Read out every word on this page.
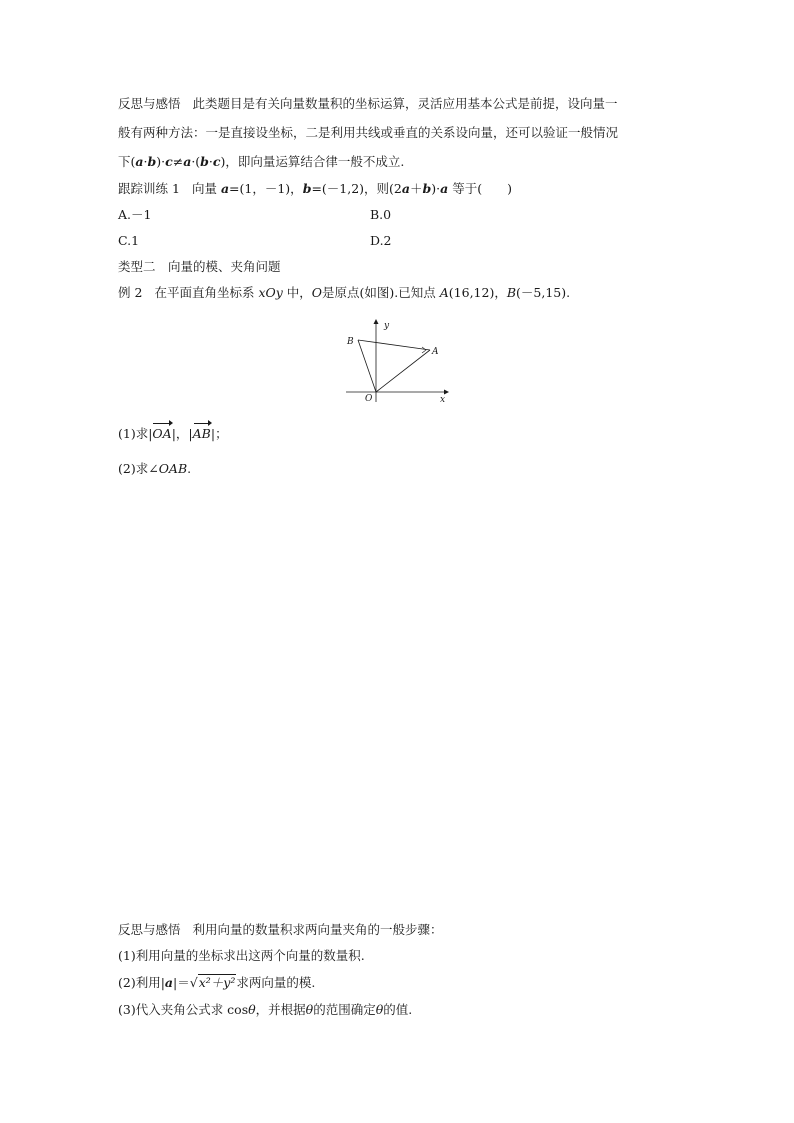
反思与感悟 此类题目是有关向量数量积的坐标运算，灵活应用基本公式是前提，设向量一
般有两种方法：一是直接设坐标，二是利用共线或垂直的关系设向量，还可以验证一般情况
下(a·b)·c≠a·(b·c)，即向量运算结合律一般不成立.
跟踪训练 1 向量 a=(1，－1)，b=(－1,2)，则(2a＋b)·a 等于(　　)
A.－1	B.0
C.1	D.2
类型二　向量的模、夹角问题
例 2 在平面直角坐标系 xOy 中，O是原点(如图).已知点 A(16,12)，B(－5,15).
y
x
O
A
B
(1)求|OA|，|AB|；
(2)求∠OAB.
反思与感悟 利用向量的数量积求两向量夹角的一般步骤：
(1)利用向量的坐标求出这两个向量的数量积.
(2)利用|a|＝√x²＋y²求两向量的模.
(3)代入夹角公式求 cosθ，并根据θ的范围确定θ的值.
